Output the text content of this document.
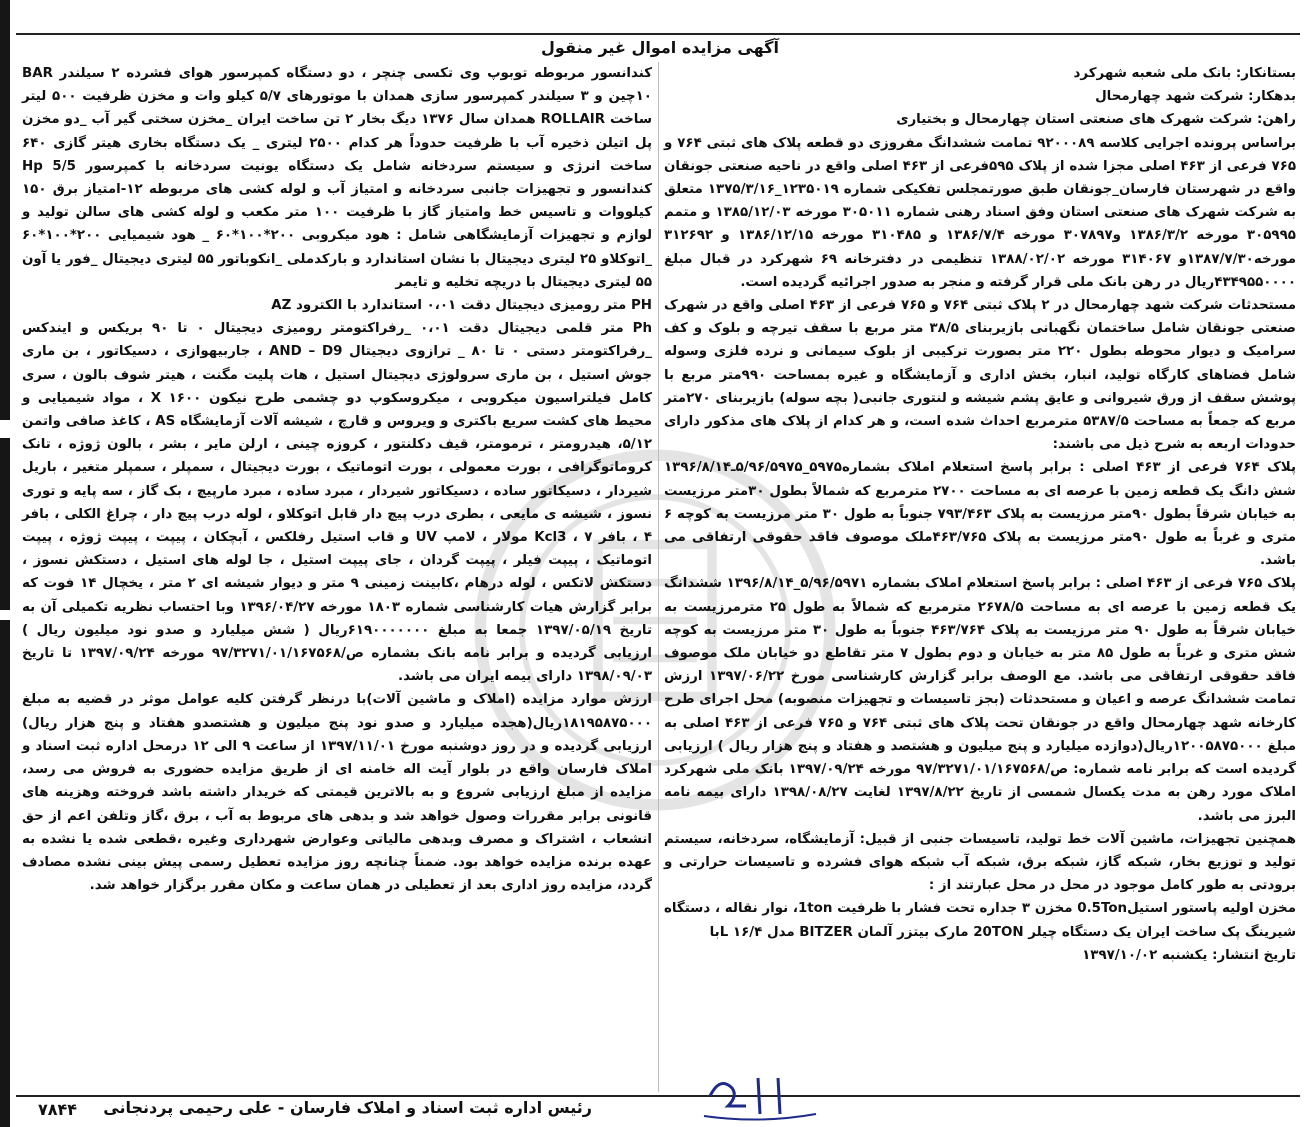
آگهی مزایده اموال غیر منقول

بستانکار: بانک ملی شعبه شهرکرد

بدهکار: شرکت شهد چهارمحال

راهن: شرکت شهرک های صنعتی استان چهارمحال و بختیاری

براساس پرونده اجرایی کلاسه ۹۲۰۰۰۸۹ تمامت ششدانگ مفروزی دو قطعه پلاک های ثبتی ۷۶۴ و ۷۶۵ فرعی از ۴۶۳ اصلی مجزا شده از پلاک ۵۹۵فرعی از ۴۶۳ اصلی واقع در ناحیه صنعتی جونقان واقع در شهرستان فارسان_جونقان طبق صورتمجلس تفکیکی شماره ۱۲۳۵۰۱۹_۱۳۷۵/۳/۱۶ متعلق به شرکت شهرک های صنعتی استان وفق اسناد رهنی شماره ۳۰۵۰۱۱ مورخه ۱۳۸۵/۱۲/۰۳ و متمم ۳۰۵۹۹۵ مورخه ۱۳۸۶/۳/۲ و۳۰۷۸۹۷ مورخه ۱۳۸۶/۷/۴ و ۳۱۰۴۸۵ مورخه ۱۳۸۶/۱۲/۱۵ و ۳۱۲۶۹۲ مورخه۱۳۸۷/۷/۳۰و ۳۱۴۰۶۷ مورخه ۱۳۸۸/۰۲/۰۲ تنظیمی در دفترخانه ۶۹ شهرکرد در قبال مبلغ ۴۳۴۹۵۵۰۰۰۰ریال در رهن بانک ملی قرار گرفته و منجر به صدور اجرائیه گردیده است.

مستحدثات شرکت شهد چهارمحال در ۲ پلاک ثبتی ۷۶۴ و ۷۶۵ فرعی از ۴۶۳ اصلی واقع در شهرک صنعتی جونقان شامل ساختمان نگهبانی بازیربنای ۳۸/۵ متر مربع با سقف تیرچه و بلوک و کف سرامیک و دیوار محوطه بطول ۲۲۰ متر بصورت ترکیبی از بلوک سیمانی و نرده فلزی وسوله شامل فضاهای کارگاه تولید، انبار، بخش اداری و آزمایشگاه و غیره بمساحت ۹۹۰متر مربع با پوشش سقف از ورق شیروانی و عایق پشم شیشه و لنتوری جانبی( بچه سوله) بازیربنای ۲۷۰متر مربع که جمعاً به مساحت ۵۳۸۷/۵ مترمربع احداث شده است، و هر کدام از پلاک های مذکور دارای حدودات اربعه به شرح ذیل می باشند:

پلاک ۷۶۴ فرعی از ۴۶۳ اصلی : برابر پاسخ استعلام املاک بشماره۵۹۷۵_۵/۹۶/۵۹۷۵ـ۱۳۹۶/۸/۱۴ شش دانگ یک قطعه زمین با عرصه ای به مساحت ۲۷۰۰ مترمربع که شمالاً بطول ۳۰متر مرزیست به خیابان شرقاً بطول ۹۰متر مرزیست به پلاک ۷۹۳/۴۶۳ جنوباً به طول ۳۰ متر مرزیست به کوچه ۶ متری و غرباً به طول ۹۰متر مرزیست به پلاک ۴۶۳/۷۶۵ملک موصوف فاقد حقوقی ارتفاقی می باشد.

پلاک ۷۶۵ فرعی از ۴۶۳ اصلی : برابر پاسخ استعلام املاک بشماره ۵/۹۶/۵۹۷۱_۱۳۹۶/۸/۱۴ ششدانگ یک قطعه زمین با عرصه ای به مساحت ۲۶۷۸/۵ مترمربع که شمالاً به طول ۲۵ مترمرزیست به خیابان شرقاً به طول ۹۰ متر مرزیست به پلاک ۴۶۳/۷۶۴ جنوباً به طول ۳۰ متر مرزیست به کوچه شش متری و غرباً به طول ۸۵ متر به خیابان و دوم بطول ۷ متر تقاطع دو خیابان ملک موصوف فاقد حقوقی ارتفاقی می باشد. مع الوصف برابر گزارش کارشناسی مورخ ۱۳۹۷/۰۶/۲۲ ارزش تمامت ششدانگ عرصه و اعیان و مستحدثات (بجز تاسیسات و تجهیزات منصوبه) محل اجرای طرح کارخانه شهد چهارمحال واقع در جونقان تحت پلاک های ثبتی ۷۶۴ و ۷۶۵ فرعی از ۴۶۳ اصلی به مبلغ ۱۲۰۰۵۸۷۵۰۰۰ریال(دوازده میلیارد و پنج میلیون و هشتصد و هفتاد و پنج هزار ریال ) ارزیابی گردیده است که برابر نامه شماره: ص/۹۷/۳۲۷۱/۰۱/۱۶۷۵۶۸ مورخه ۱۳۹۷/۰۹/۲۴ بانک ملی شهرکرد املاک مورد رهن به مدت یکسال شمسی از تاریخ ۱۳۹۷/۸/۲۲ لغایت ۱۳۹۸/۰۸/۲۷ دارای بیمه نامه البرز می باشد.

همچنین تجهیزات، ماشین آلات خط تولید، تاسیسات جنبی از قبیل: آزمایشگاه، سردخانه، سیستم تولید و توزیع بخار، شبکه گاز، شبکه برق، شبکه آب شبکه هوای فشرده و تاسیسات حرارتی و برودتی به طور کامل موجود در محل در محل عبارتند از :

مخزن اولیه پاستور استیل0.5Ton مخزن ۳ جداره تحت فشار با ظرفیت 1ton، نوار نقاله ، دستگاه شیرینگ پک ساخت ایران یک دستگاه چیلر 20TON مارک بیتزر آلمان BITZER مدل L ۱۶/۴با

تاریخ انتشار: یکشنبه ۱۳۹۷/۱۰/۰۲

کندانسور مربوطه توبوپ وی تکسی چنچر ، دو دستگاه کمپرسور هوای فشرده ۲ سیلندر BAR ۱۰چین و ۳ سیلندر کمپرسور سازی همدان با موتورهای ۵/۷ کیلو وات و مخزن ظرفیت ۵۰۰ لیتر ساخت ROLLAIR همدان سال ۱۳۷۶ دیگ بخار ۲ تن ساخت ایران _مخزن سختی گیر آب _دو مخزن پل اتیلن ذخیره آب با ظرفیت حدوداً هر کدام ۲۵۰۰ لیتری _ یک دستگاه بخاری هیتر گازی ۶۴۰ ساخت انرژی و سیستم سردخانه شامل یک دستگاه یونیت سردخانه با کمپرسور Hp 5/5 کندانسور و تجهیزات جانبی سردخانه و امتیاز آب و لوله کشی های مربوطه ۱۲-امتیاز برق ۱۵۰ کیلووات و تاسیس خط وامتیاز گاز با ظرفیت ۱۰۰ متر مکعب و لوله کشی های سالن تولید و لوازم و تجهیزات آزمایشگاهی شامل : هود میکروبی ۲۰۰*۱۰۰*۶۰ _ هود شیمیایی ۲۰۰*۱۰۰*۶۰ _اتوکلاو ۲۵ لیتری دیجیتال با نشان استاندارد و بارکدملی _انکوباتور ۵۵ لیتری دیجیتال _فور یا آون ۵۵ لیتری دیجیتال با دریچه تخلیه و تایمر

PH متر رومیزی دیجیتال دقت ۰،۰۱ استاندارد با الکترود AZ

Ph متر قلمی دیجیتال دقت ۰،۰۱ _رفراکتومتر رومیزی دیجیتال ۰ تا ۹۰ بریکس و ایندکس _رفراکتومتر دستی ۰ تا ۸۰ _ ترازوی دیجیتال AND – D9 ، جاربیهوازی ، دسیکاتور ، بن ماری جوش استیل ، بن ماری سرولوژی دیجیتال استیل ، هات پلیت مگنت ، هیتر شوف بالون ، سری کامل فیلتراسیون میکروبی ، میکروسکوپ دو چشمی طرح نیکون X ۱۶۰۰ ، مواد شیمیایی و محیط های کشت سریع باکتری و ویروس و قارچ ، شیشه آلات آزمایشگاه AS ، کاغذ صافی واتمن ۵/۱۲، هیدرومتر ، ترمومتر، قیف دکلنتور ، کروزه چینی ، ارلن مایر ، بشر ، بالون ژوژه ، تانک کروماتوگرافی ، بورت معمولی ، بورت اتوماتیک ، بورت دیجیتال ، سمپلر ، سمپلر متغیر ، باریل شیردار ، دسیکاتور ساده ، دسیکاتور شیردار ، مبرد ساده ، مبرد مارپیچ ، بک گاز ، سه پایه و توری نسوز ، شیشه ی مایعی ، بطری درب پیچ دار قابل اتوکلاو ، لوله درب پیچ دار ، چراغ الکلی ، بافر ۴ ، بافر ۷ ، Kcl3 مولار ، لامپ UV و قاب استیل رفلکس ، آبچکان ، پیپت ، پیپت ژوژه ، پیپت اتوماتیک ، پیپت فیلر ، پیپت گردان ، جای پیپت استیل ، جا لوله های استیل ، دستکش نسوز ، دستکش لاتکس ، لوله درهام ،کابینت زمینی ۹ متر و دیوار شیشه ای ۲ متر ، یخچال ۱۴ فوت که برابر گزارش هیات کارشناسی شماره ۱۸۰۳ مورخه ۱۳۹۶/۰۴/۲۷ وبا احتساب نظریه تکمیلی آن به تاریخ ۱۳۹۷/۰۵/۱۹ جمعا به مبلغ ۶۱۹۰۰۰۰۰۰۰ریال ( شش میلیارد و صدو نود میلیون ریال ) ارزیابی گردیده و برابر نامه بانک بشماره ص/۹۷/۳۲۷۱/۰۱/۱۶۷۵۶۸ مورخه ۱۳۹۷/۰۹/۲۴ تا تاریخ ۱۳۹۸/۰۹/۰۳ دارای بیمه ایران می باشد.

ارزش موارد مزایده (املاک و ماشین آلات)با درنظر گرفتن کلیه عوامل موثر در قضیه به مبلغ ۱۸۱۹۵۸۷۵۰۰۰ریال(هجده میلیارد و صدو نود پنج میلیون و هشتصدو هفتاد و پنج هزار ریال) ارزیابی گردیده و در روز دوشنبه مورخ ۱۳۹۷/۱۱/۰۱ از ساعت ۹ الی ۱۲ درمحل اداره ثبت اسناد و املاک فارسان واقع در بلوار آیت اله خامنه ای از طریق مزایده حضوری به فروش می رسد، مزایده از مبلغ ارزیابی شروع و به بالاترین قیمتی که خریدار داشته باشد فروخته وهزینه های قانونی برابر مقررات وصول خواهد شد و بدهی های مربوط به آب ، برق ،گاز وتلفن اعم از حق انشعاب ، اشتراک و مصرف وبدهی مالیاتی وعوارض شهرداری وغیره ،قطعی شده یا نشده به عهده برنده مزایده خواهد بود. ضمناً چنانچه روز مزایده تعطیل رسمی پیش بینی نشده مصادف گردد، مزایده روز اداری بعد از تعطیلی در همان ساعت و مکان مقرر برگزار خواهد شد.

رئیس اداره ثبت اسناد و املاک فارسان - علی رحیمی پردنجانی
۷۸۴۴
